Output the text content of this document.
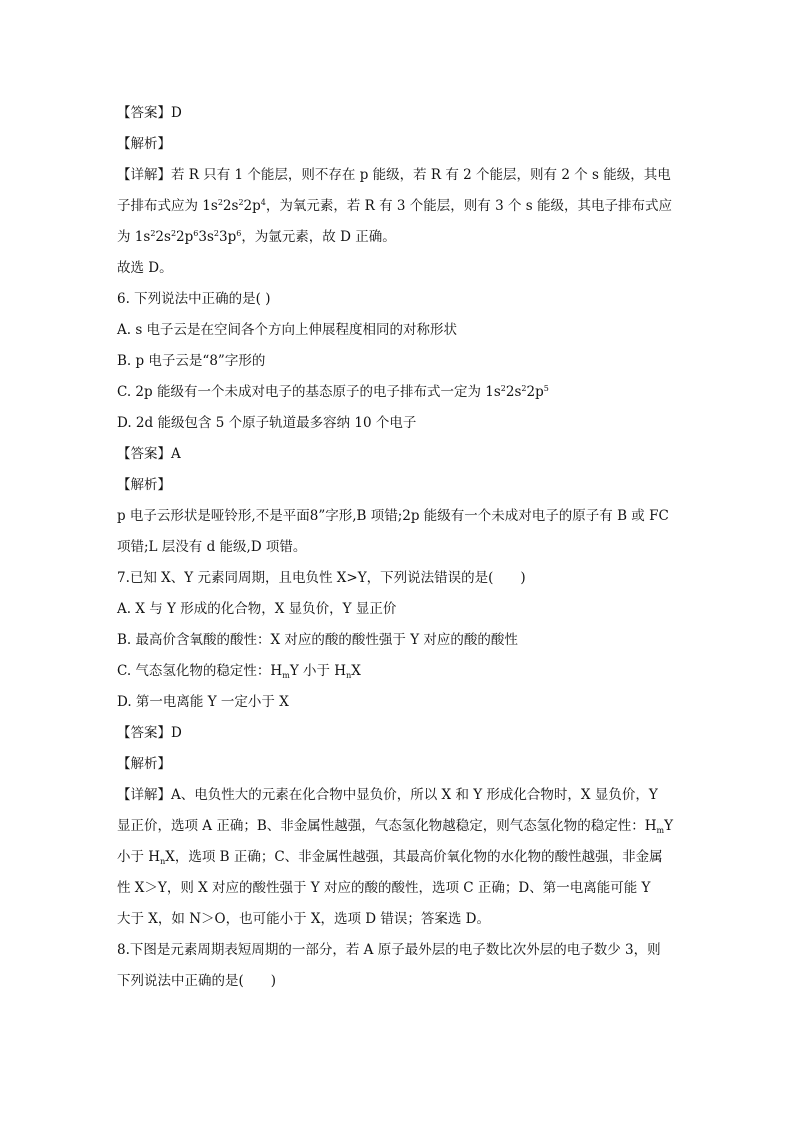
【答案】D
【解析】
【详解】若 R 只有 1 个能层，则不存在 p 能级，若 R 有 2 个能层，则有 2 个 s 能级，其电
子排布式应为 $1s^22s^22p^4$，为氧元素，若 R 有 3 个能层，则有 3 个 s 能级，其电子排布式应
为 $1s^22s^22p^63s^23p^6$，为氩元素，故 D 正确。
故选 D。
6. 下列说法中正确的是( )
A. s 电子云是在空间各个方向上伸展程度相同的对称形状
B. p 电子云是“8”字形的
C. 2p 能级有一个未成对电子的基态原子的电子排布式一定为 $1s^22s^22p^5$
D. 2d 能级包含 5 个原子轨道最多容纳 10 个电子
【答案】A
【解析】
p 电子云形状是哑铃形,不是平面8”字形,B 项错;2p 能级有一个未成对电子的原子有 B 或 FC
项错;L 层没有 d 能级,D 项错。
7.已知 X、Y 元素同周期，且电负性 X>Y，下列说法错误的是(　　)
A. X 与 Y 形成的化合物，X 显负价，Y 显正价
B. 最高价含氧酸的酸性：X 对应的酸的酸性强于 Y 对应的酸的酸性
C. 气态氢化物的稳定性：$H_mY$ 小于 $H_nX$
D. 第一电离能 Y 一定小于 X
【答案】D
【解析】
【详解】A、电负性大的元素在化合物中显负价，所以 X 和 Y 形成化合物时，X 显负价，Y
显正价，选项 A 正确；B、非金属性越强，气态氢化物越稳定，则气态氢化物的稳定性：$H_mY$
小于 $H_nX$，选项 B 正确；C、非金属性越强，其最高价氧化物的水化物的酸性越强，非金属
性 X＞Y，则 X 对应的酸性强于 Y 对应的酸的酸性，选项 C 正确；D、第一电离能可能 Y
大于 X，如 N＞O，也可能小于 X，选项 D 错误；答案选 D。
8.下图是元素周期表短周期的一部分，若 A 原子最外层的电子数比次外层的电子数少 3，则
下列说法中正确的是(　　)
